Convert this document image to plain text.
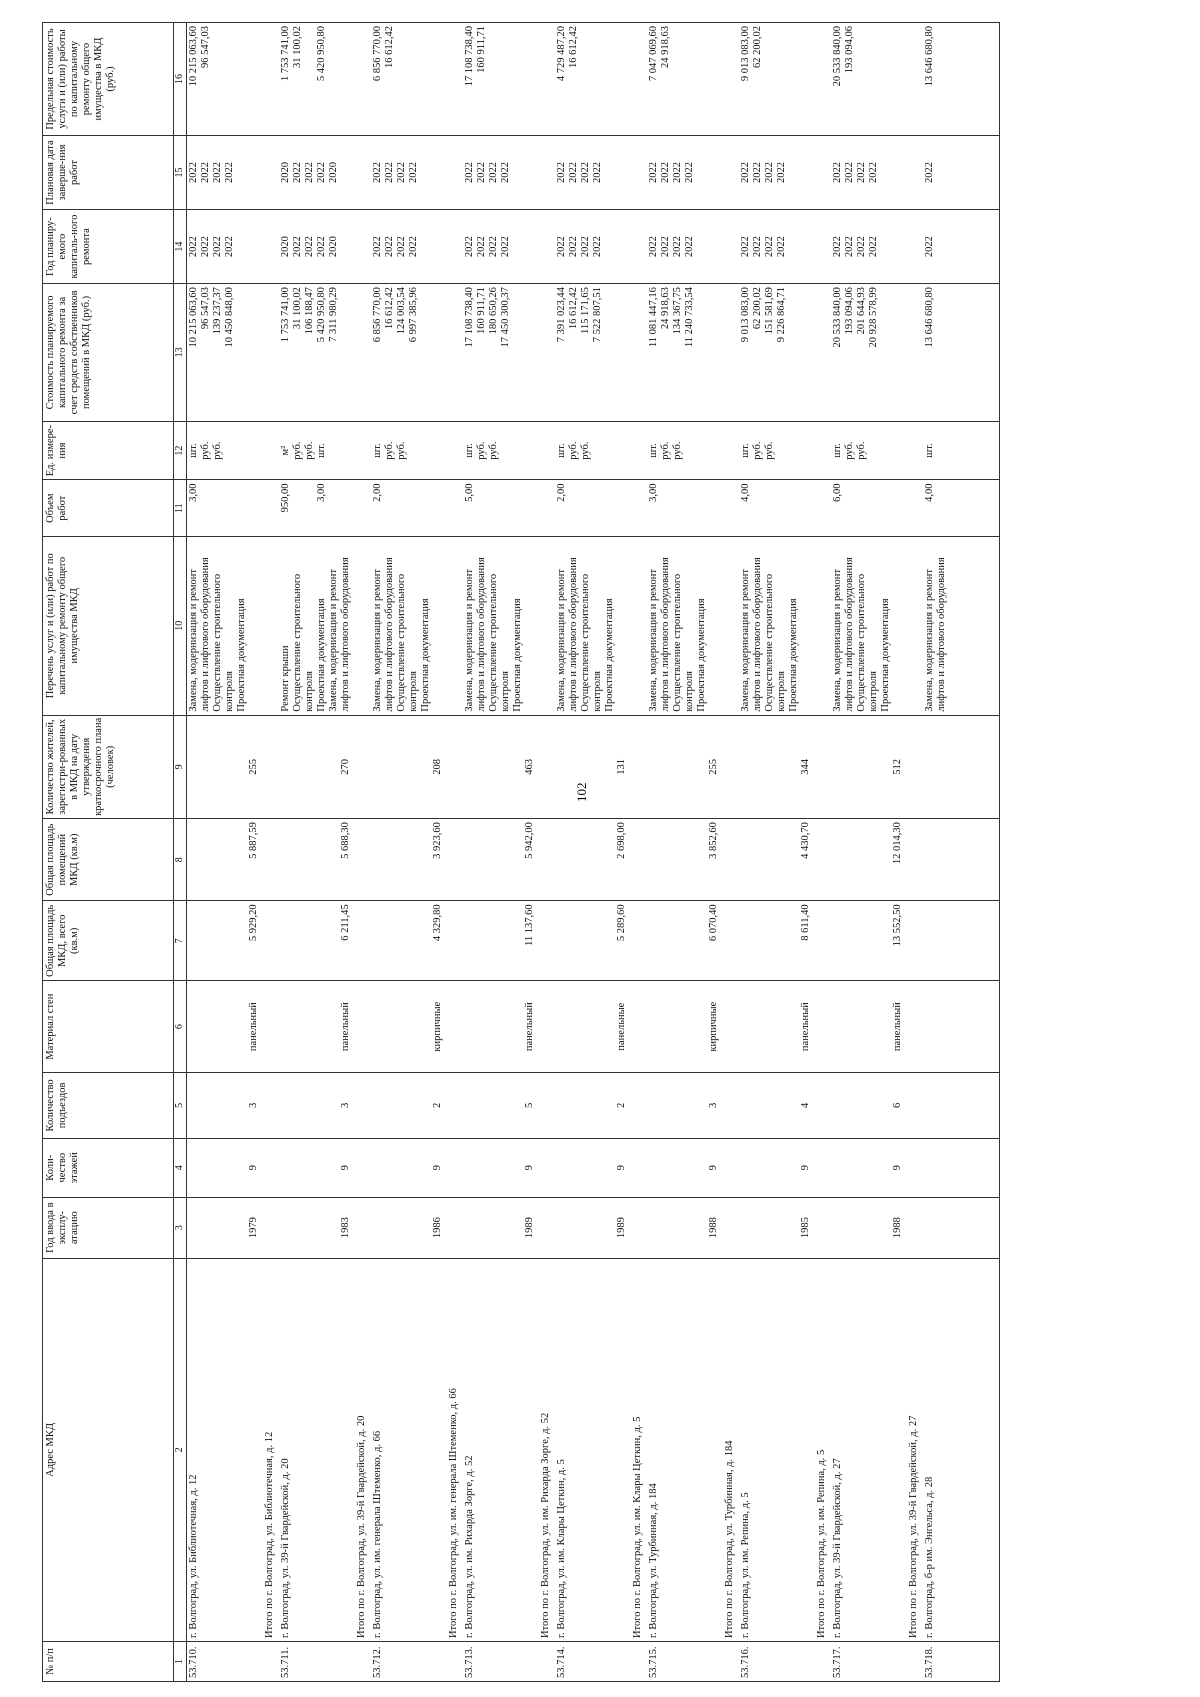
102
№ п/п	Адрес МКД	Год ввода в эксплу-атацию	Коли-чество этажей	Количество подъездов	Материал стен	Общая площадь МКД, всего (кв.м)	Общая площадь помещений МКД (кв.м)	Количество жителей, зарегистри-рованных в МКД на дату утверждения краткосрочного плана (человек)	Перечень услуг и (или) работ по капитальному ремонту общего имущества МКД	Объем работ	Ед. измере-ния	Стоимость планируемого капитального ремонта за счет средств собственников помещений в МКД (руб.)	Год планиру-емого капиталь-ного ремонта	Плановая дата заверше-ния работ	Предельная стоимость услуги и (или) работы по капитальному ремонту общего имущества в МКД (руб.)
1	2	3	4	5	6	7	8	9	10	11	12	13	14	15	16
53.710.	г. Волгоград, ул. Библиотечная, д. 12	1979	9	3	панельный	5 929,20	5 887,59	255	Замена, модернизация и ремонт лифтов и лифтового оборудования Осуществление строительного контроля Проектная документация	3,00	шт. руб. руб.	10 215 063,60 96 547,03 139 237,37 10 450 848,00	2022 2022 2022 2022	2022 2022 2022 2022	10 215 063,60 96 547,03

	Итого по г. Волгоград, ул. Библиотечная, д. 12														
53.711.	г. Волгоград, ул. 39-й Гвардейской, д. 20	1983	9	3	панельный	6 211,45	5 688,30	270	Ремонт крыши Осуществление строительного контроля Проектная документация Замена, модернизация и ремонт лифтов и лифтового оборудования	950,00 3,00	м² руб. руб. шт.	1 753 741,00 31 100,02 106 188,47 5 420 950,80 7 311 980,29	2020 2022 2022 2022 2020	2020 2022 2022 2022 2020	1 753 741,00 31 100,02 5 420 950,80

	Итого по г. Волгоград, ул. 39-й Гвардейской, д. 20														
53.712.	г. Волгоград, ул. им. генерала Штеменко, д. 66	1986	9	2	кирпичные	4 329,80	3 923,60	208	Замена, модернизация и ремонт лифтов и лифтового оборудования Осуществление строительного контроля Проектная документация	2,00	шт. руб. руб.	6 856 770,00 16 612,42 124 003,54 6 997 385,96	2022 2022 2022 2022	2022 2022 2022 2022	6 856 770,00 16 612,42

	Итого по г. Волгоград, ул. им. генерала Штеменко, д. 66														
53.713.	г. Волгоград, ул. им. Рихарда Зорге, д. 52	1989	9	5	панельный	11 137,60	5 942,00	463	Замена, модернизация и ремонт лифтов и лифтового оборудования Осуществление строительного контроля Проектная документация	5,00	шт. руб. руб.	17 108 738,40 160 911,71 180 650,26 17 450 300,37	2022 2022 2022 2022	2022 2022 2022 2022	17 108 738,40 160 911,71

	Итого по г. Волгоград, ул. им. Рихарда Зорге, д. 52														
53.714.	г. Волгоград, ул. им. Клары Цеткин, д. 5	1989	9	2	панельные	5 289,60	2 698,00	131	Замена, модернизация и ремонт лифтов и лифтового оборудования Осуществление строительного контроля Проектная документация	2,00	шт. руб. руб.	7 391 023,44 16 612,42 115 171,65 7 522 807,51	2022 2022 2022 2022	2022 2022 2022 2022	4 729 487,20 16 612,42

	Итого по г. Волгоград, ул. им. Клары Цеткин, д. 5														
53.715.	г. Волгоград, ул. Турбинная, д. 184	1988	9	3	кирпичные	6 070,40	3 852,60	255	Замена, модернизация и ремонт лифтов и лифтового оборудования Осуществление строительного контроля Проектная документация	3,00	шт. руб. руб.	11 081 447,16 24 918,63 134 367,75 11 240 733,54	2022 2022 2022 2022	2022 2022 2022 2022	7 047 069,60 24 918,63

	Итого по г. Волгоград, ул. Турбинная, д. 184														
53.716.	г. Волгоград, ул. им. Репина, д. 5	1985	9	4	панельный	8 611,40	4 430,70	344	Замена, модернизация и ремонт лифтов и лифтового оборудования Осуществление строительного контроля Проектная документация	4,00	шт. руб. руб.	9 013 083,00 62 200,02 151 581,69 9 226 864,71	2022 2022 2022 2022	2022 2022 2022 2022	9 013 083,00 62 200,02

	Итого по г. Волгоград, ул. им. Репина, д. 5														
53.717.	г. Волгоград, ул. 39-й Гвардейской, д. 27	1988	9	6	панельный	13 552,50	12 014,30	512	Замена, модернизация и ремонт лифтов и лифтового оборудования Осуществление строительного контроля Проектная документация	6,00	шт. руб. руб.	20 533 840,00 193 094,06 201 644,93 20 928 578,99	2022 2022 2022 2022	2022 2022 2022 2022	20 533 840,00 193 094,06

	Итого по г. Волгоград, ул. 39-й Гвардейской, д. 27														
53.718.	г. Волгоград, б-р им. Энгельса, д. 28								Замена, модернизация и ремонт лифтов и лифтового оборудования	4,00	шт.	13 646 680,80	2022	2022	13 646 680,80
